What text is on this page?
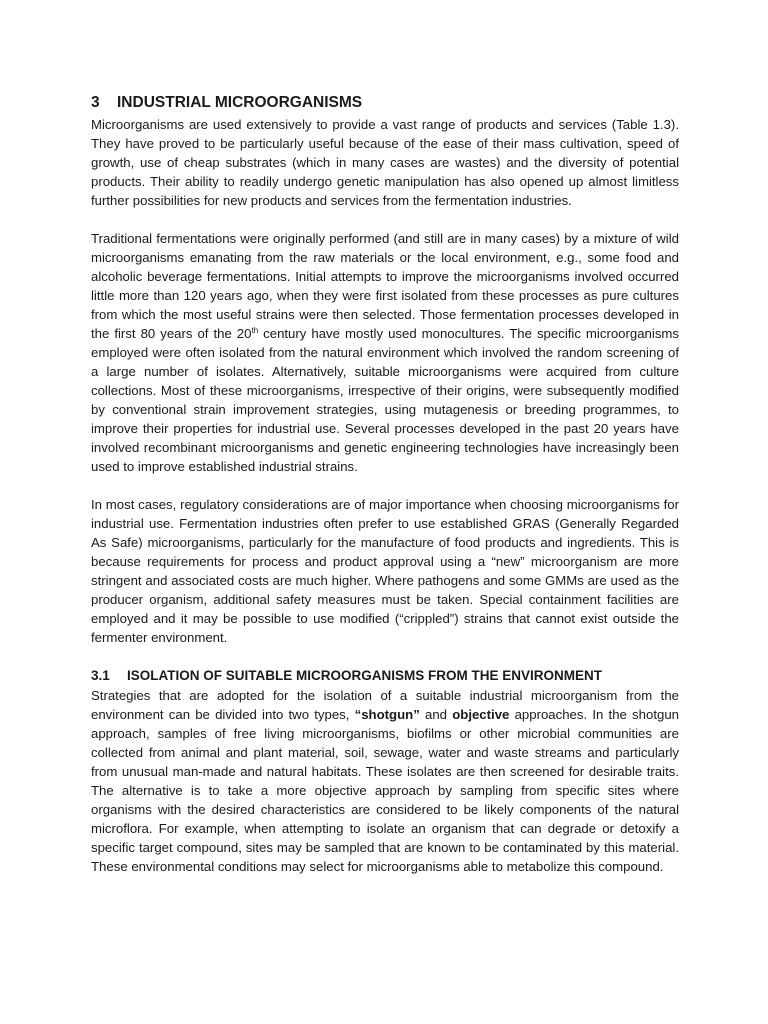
3 INDUSTRIAL MICROORGANISMS

Microorganisms are used extensively to provide a vast range of products and services (Table 1.3). They have proved to be particularly useful because of the ease of their mass cultivation, speed of growth, use of cheap substrates (which in many cases are wastes) and the diversity of potential products. Their ability to readily undergo genetic manipulation has also opened up almost limitless further possibilities for new products and services from the fermentation industries.

Traditional fermentations were originally performed (and still are in many cases) by a mixture of wild microorganisms emanating from the raw materials or the local environment, e.g., some food and alcoholic beverage fermentations. Initial attempts to improve the microorganisms involved occurred little more than 120 years ago, when they were first isolated from these processes as pure cultures from which the most useful strains were then selected. Those fermentation processes developed in the first 80 years of the 20th century have mostly used monocultures. The specific microorganisms employed were often isolated from the natural environment which involved the random screening of a large number of isolates. Alternatively, suitable microorganisms were acquired from culture collections. Most of these microorganisms, irrespective of their origins, were subsequently modified by conventional strain improvement strategies, using mutagenesis or breeding programmes, to improve their properties for industrial use. Several processes developed in the past 20 years have involved recombinant microorganisms and genetic engineering technologies have increasingly been used to improve established industrial strains.

In most cases, regulatory considerations are of major importance when choosing microorganisms for industrial use. Fermentation industries often prefer to use established GRAS (Generally Regarded As Safe) microorganisms, particularly for the manufacture of food products and ingredients. This is because requirements for process and product approval using a “new” microorganism are more stringent and associated costs are much higher. Where pathogens and some GMMs are used as the producer organism, additional safety measures must be taken. Special containment facilities are employed and it may be possible to use modified (“crippled”) strains that cannot exist outside the fermenter environment.

3.1 ISOLATION OF SUITABLE MICROORGANISMS FROM THE ENVIRONMENT

Strategies that are adopted for the isolation of a suitable industrial microorganism from the environment can be divided into two types, “shotgun” and objective approaches. In the shotgun approach, samples of free living microorganisms, biofilms or other microbial communities are collected from animal and plant material, soil, sewage, water and waste streams and particularly from unusual man-made and natural habitats. These isolates are then screened for desirable traits. The alternative is to take a more objective approach by sampling from specific sites where organisms with the desired characteristics are considered to be likely components of the natural microflora. For example, when attempting to isolate an organism that can degrade or detoxify a specific target compound, sites may be sampled that are known to be contaminated by this material. These environmental conditions may select for microorganisms able to metabolize this compound.
